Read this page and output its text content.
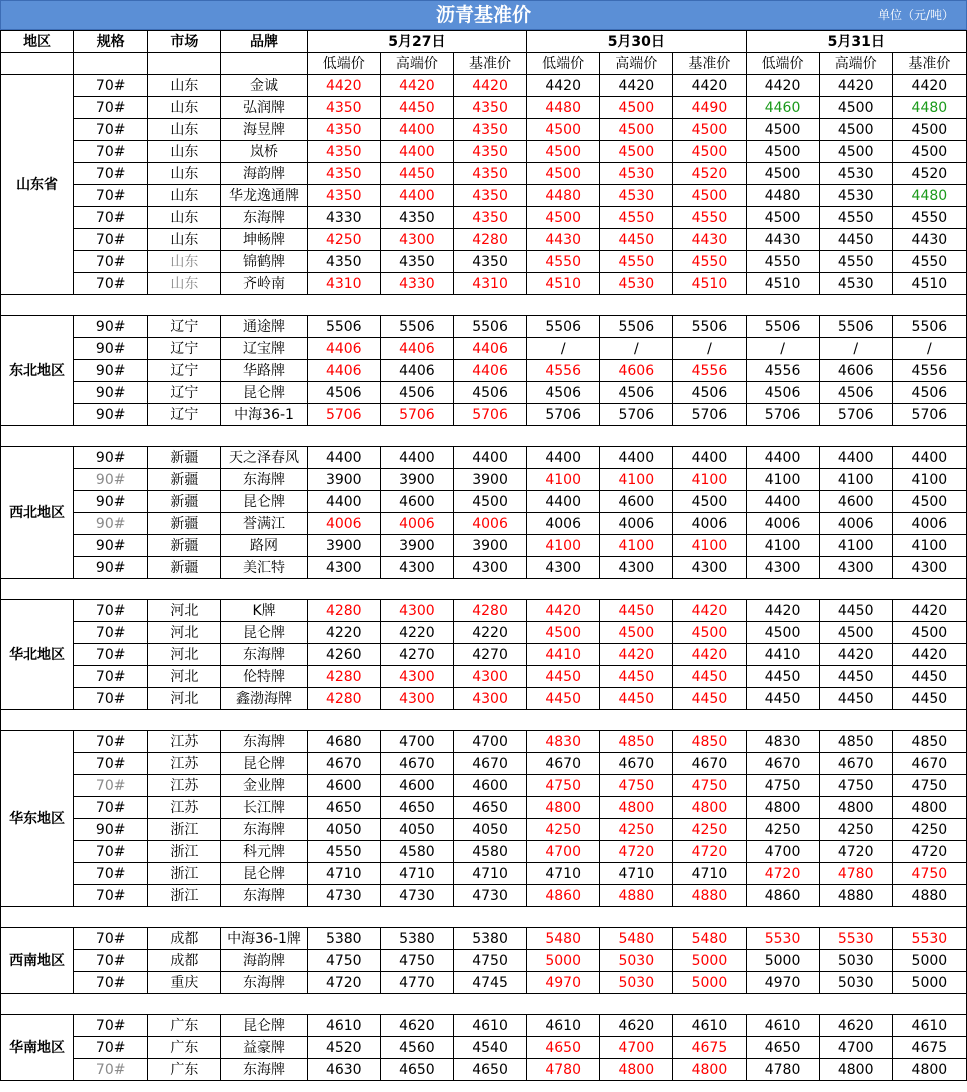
沥青基准价	单位（元/吨）
地区	规格	市场	品牌	5月27日			5月30日			5月31日		
				低端价	高端价	基准价	低端价	高端价	基准价	低端价	高端价	基准价
山东省	70#	山东	金诚	4420	4420	4420	4420	4420	4420	4420	4420	4420
	70#	山东	弘润牌	4350	4450	4350	4480	4500	4490	4460	4500	4480
	70#	山东	海昱牌	4350	4400	4350	4500	4500	4500	4500	4500	4500
	70#	山东	岚桥	4350	4400	4350	4500	4500	4500	4500	4500	4500
	70#	山东	海韵牌	4350	4450	4350	4500	4530	4520	4500	4530	4520
	70#	山东	华龙逸通牌	4350	4400	4350	4480	4530	4500	4480	4530	4480
	70#	山东	东海牌	4330	4350	4350	4500	4550	4550	4500	4550	4550
	70#	山东	坤畅牌	4250	4300	4280	4430	4450	4430	4430	4450	4430
	70#	山东	锦鹤牌	4350	4350	4350	4550	4550	4550	4550	4550	4550
	70#	山东	齐岭南	4310	4330	4310	4510	4530	4510	4510	4530	4510

东北地区	90#	辽宁	通途牌	5506	5506	5506	5506	5506	5506	5506	5506	5506
	90#	辽宁	辽宝牌	4406	4406	4406	/	/	/	/	/	/
	90#	辽宁	华路牌	4406	4406	4406	4556	4606	4556	4556	4606	4556
	90#	辽宁	昆仑牌	4506	4506	4506	4506	4506	4506	4506	4506	4506
	90#	辽宁	中海36-1	5706	5706	5706	5706	5706	5706	5706	5706	5706

西北地区	90#	新疆	天之泽春风	4400	4400	4400	4400	4400	4400	4400	4400	4400
	90#	新疆	东海牌	3900	3900	3900	4100	4100	4100	4100	4100	4100
	90#	新疆	昆仑牌	4400	4600	4500	4400	4600	4500	4400	4600	4500
	90#	新疆	誉满江	4006	4006	4006	4006	4006	4006	4006	4006	4006
	90#	新疆	路网	3900	3900	3900	4100	4100	4100	4100	4100	4100
	90#	新疆	美汇特	4300	4300	4300	4300	4300	4300	4300	4300	4300

华北地区	70#	河北	K牌	4280	4300	4280	4420	4450	4420	4420	4450	4420
	70#	河北	昆仑牌	4220	4220	4220	4500	4500	4500	4500	4500	4500
	70#	河北	东海牌	4260	4270	4270	4410	4420	4420	4410	4420	4420
	70#	河北	伦特牌	4280	4300	4300	4450	4450	4450	4450	4450	4450
	70#	河北	鑫渤海牌	4280	4300	4300	4450	4450	4450	4450	4450	4450

华东地区	70#	江苏	东海牌	4680	4700	4700	4830	4850	4850	4830	4850	4850
	70#	江苏	昆仑牌	4670	4670	4670	4670	4670	4670	4670	4670	4670
	70#	江苏	金业牌	4600	4600	4600	4750	4750	4750	4750	4750	4750
	70#	江苏	长江牌	4650	4650	4650	4800	4800	4800	4800	4800	4800
	90#	浙江	东海牌	4050	4050	4050	4250	4250	4250	4250	4250	4250
	70#	浙江	科元牌	4550	4580	4580	4700	4720	4720	4700	4720	4720
	70#	浙江	昆仑牌	4710	4710	4710	4710	4710	4710	4720	4780	4750
	70#	浙江	东海牌	4730	4730	4730	4860	4880	4880	4860	4880	4880

西南地区	70#	成都	中海36-1牌	5380	5380	5380	5480	5480	5480	5530	5530	5530
	70#	成都	海韵牌	4750	4750	4750	5000	5030	5000	5000	5030	5000
	70#	重庆	东海牌	4720	4770	4745	4970	5030	5000	4970	5030	5000

华南地区	70#	广东	昆仑牌	4610	4620	4610	4610	4620	4610	4610	4620	4610
	70#	广东	益豪牌	4520	4560	4540	4650	4700	4675	4650	4700	4675
	70#	广东	东海牌	4630	4650	4650	4780	4800	4800	4780	4800	4800
